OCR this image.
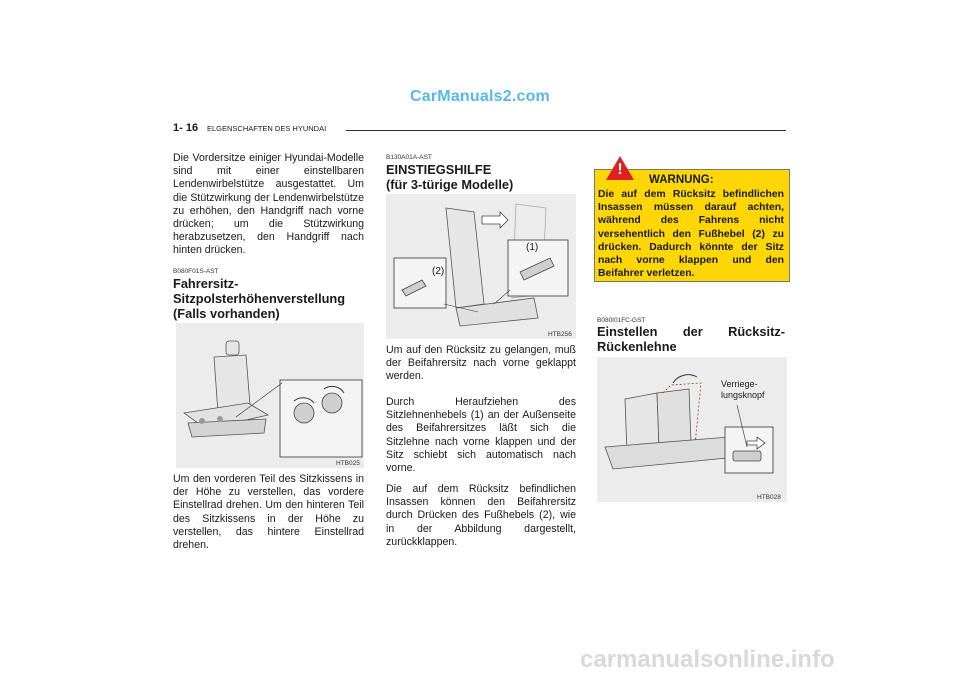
CarManuals2.com
1- 16 ELGENSCHAFTEN DES HYUNDAI
Die Vordersitze einiger Hyundai-Modelle sind mit einer einstellbaren Lendenwirbelstütze ausgestattet. Um die Stützwirkung der Lendenwirbelstütze zu erhöhen, den Handgriff nach vorne drücken; um die Stützwirkung herabzusetzen, den Handgriff nach hinten drücken.
B080F01S-AST
Fahrersitz-Sitzpolsterhöhenverstellung (Falls vorhanden)
HTB025
Um den vorderen Teil des Sitzkissens in der Höhe zu verstellen, das vordere Einstellrad drehen. Um den hinteren Teil des Sitzkissens in der Höhe zu verstellen, das hintere Einstellrad drehen.
B130A01A-AST
EINSTIEGSHILFE
(für 3-türige Modelle)
(1)
(2)
HTB256
Um auf den Rücksitz zu gelangen, muß der Beifahrersitz nach vorne geklappt werden.
Durch Heraufziehen des Sitzlehnenhebels (1) an der Außenseite des Beifahrersitzes läßt sich die Sitzlehne nach vorne klappen und der Sitz schiebt sich automatisch nach vorne.
Die auf dem Rücksitz befindlichen Insassen können den Beifahrersitz durch Drücken des Fußhebels (2), wie in der Abbildung dargestellt, zurückklappen.
!
WARNUNG:
Die auf dem Rücksitz befindlichen Insassen müssen darauf achten, während des Fahrens nicht versehentlich den Fußhebel (2) zu drücken. Dadurch könnte der Sitz nach vorne klappen und den Beifahrer verletzen.
B080I01FC-GST
Einstellen der Rücksitz-Rückenlehne
Verriege-
lungsknopf
HTB028
carmanualsonline.info
